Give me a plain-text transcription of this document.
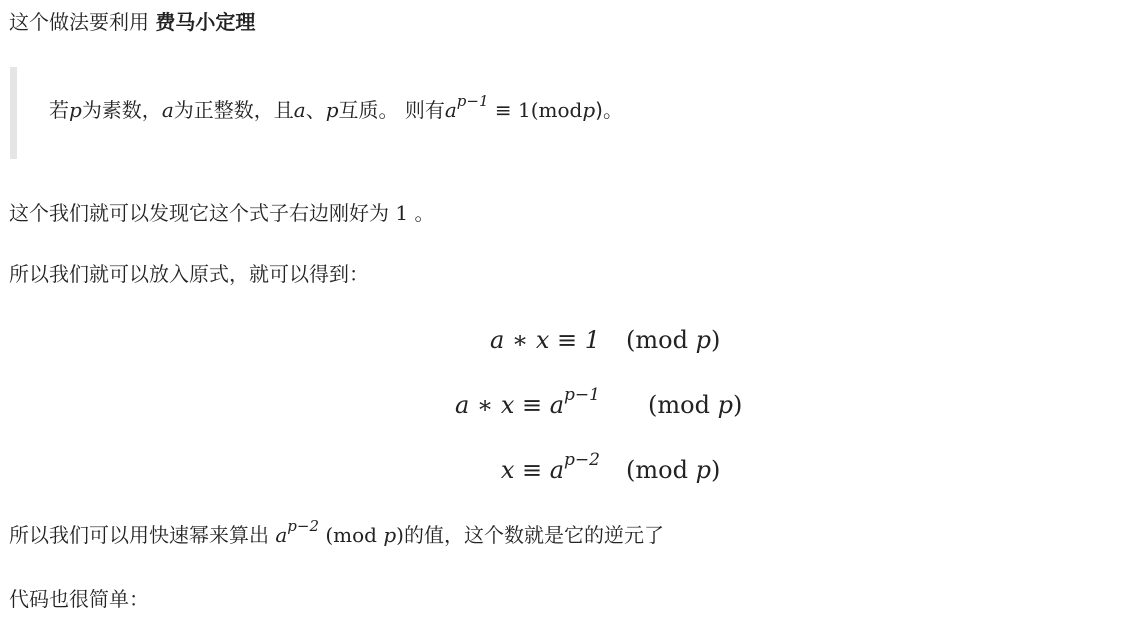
这个做法要利用 费马小定理
若p为素数，a为正整数，且a、p互质。 则有$a^{p-1}$ ≡ 1(modp)。
这个我们就可以发现它这个式子右边刚好为 1 。
所以我们就可以放入原式，就可以得到：
a ∗ x ≡ 1 (mod p)
a ∗ $x \equiv a^{p-1}$ (mod p)
$x \equiv a^{p-2}$ (mod p)
所以我们可以用快速幂来算出 $a^{p-2}$ (mod p)的值，这个数就是它的逆元了
代码也很简单：
